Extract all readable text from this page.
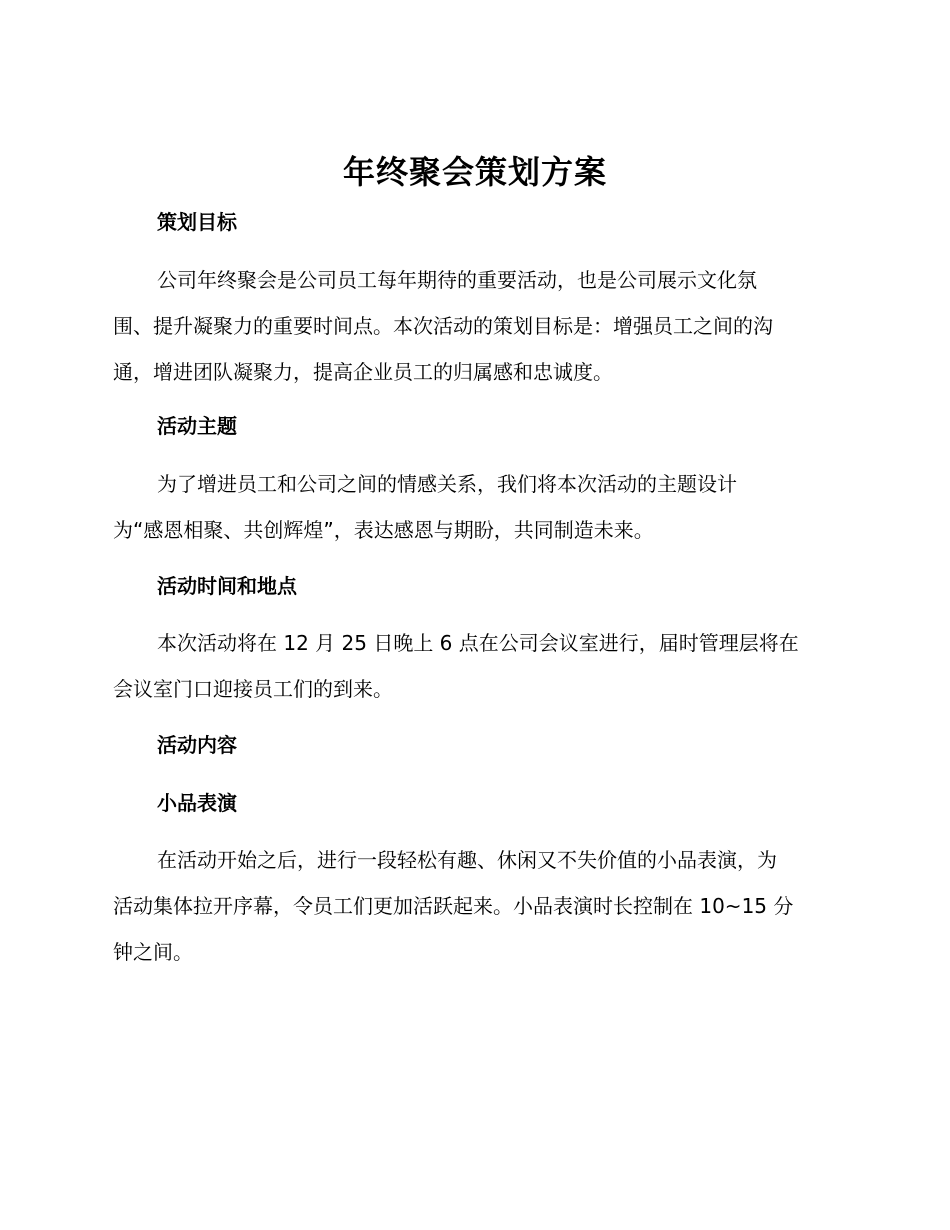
年终聚会策划方案
策划目标

公司年终聚会是公司员工每年期待的重要活动，也是公司展示文化氛
围、提升凝聚力的重要时间点。本次活动的策划目标是：增强员工之间的沟
通，增进团队凝聚力，提高企业员工的归属感和忠诚度。

活动主题

为了增进员工和公司之间的情感关系，我们将本次活动的主题设计
为“感恩相聚、共创辉煌”，表达感恩与期盼，共同制造未来。

活动时间和地点

本次活动将在 12 月 25 日晚上 6 点在公司会议室进行，届时管理层将在
会议室门口迎接员工们的到来。

活动内容
小品表演

在活动开始之后，进行一段轻松有趣、休闲又不失价值的小品表演，为
活动集体拉开序幕，令员工们更加活跃起来。小品表演时长控制在 10~15 分
钟之间。
